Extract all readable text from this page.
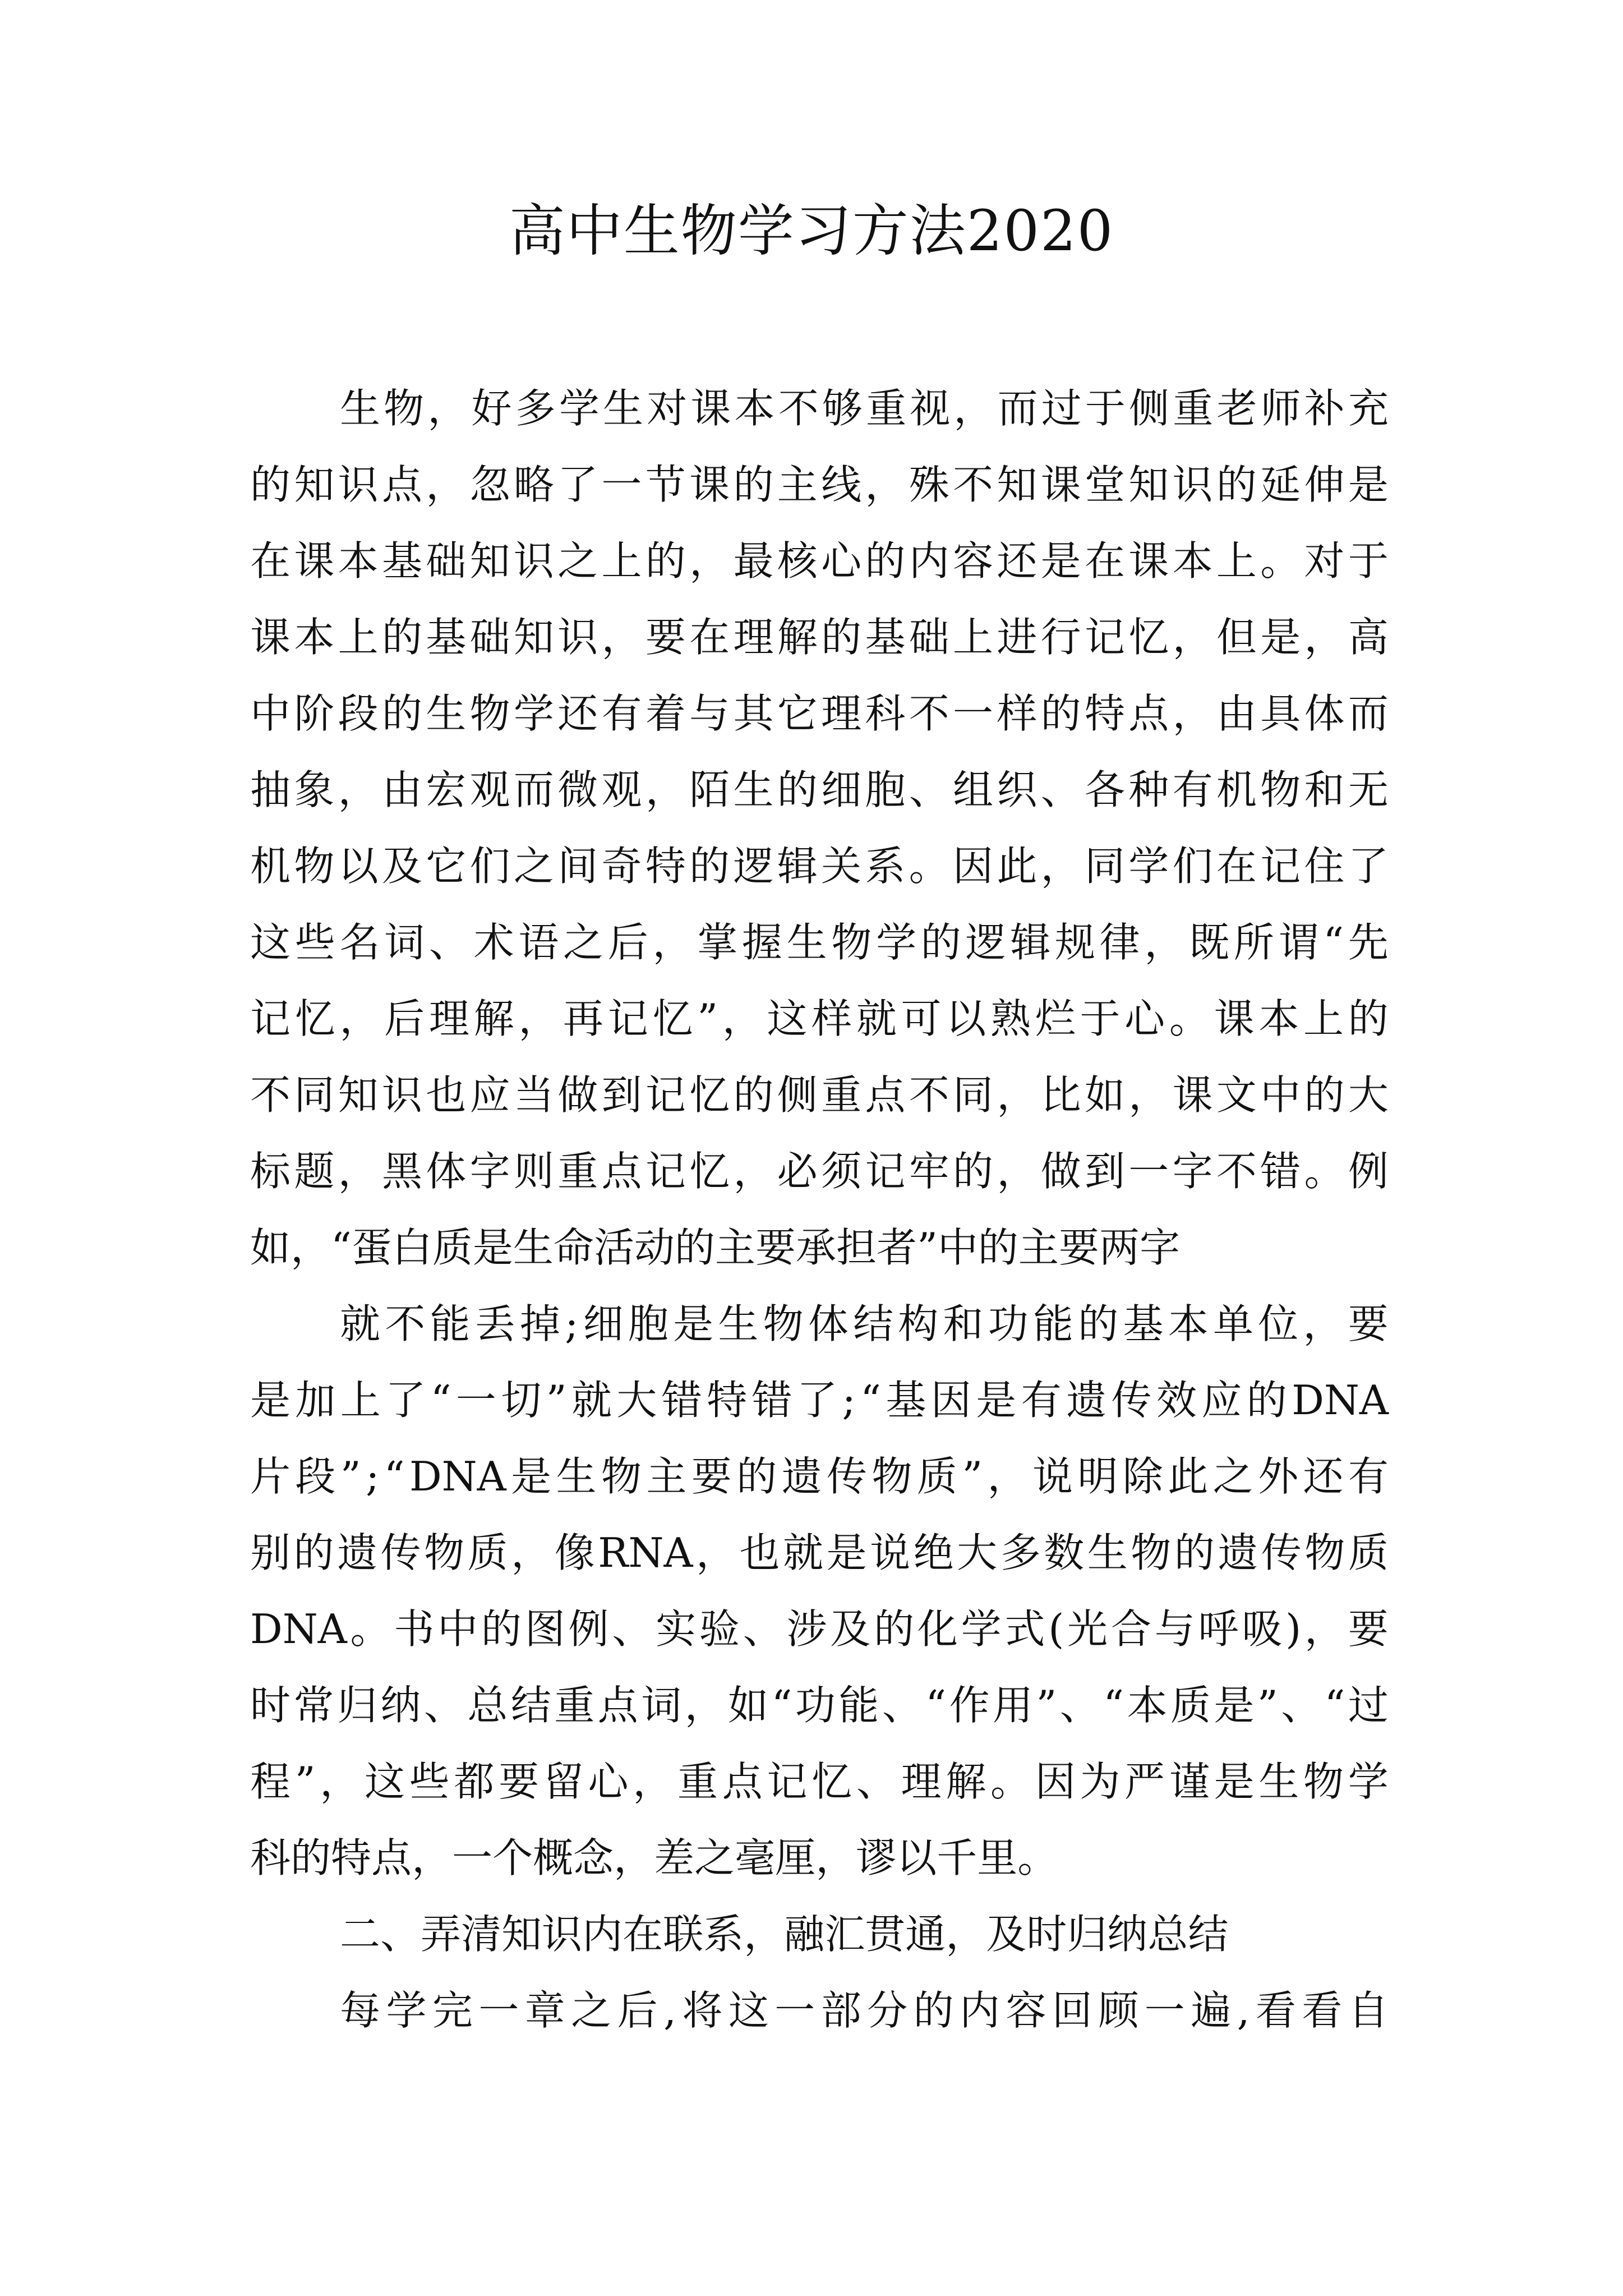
高中生物学习方法2020
生 物 ， 好 多 学 生 对 课 本 不 够 重 视 ， 而 过 于 侧 重 老 师 补 充
的 知 识 点 ， 忽 略 了 一 节 课 的 主 线 ， 殊 不 知 课 堂 知 识 的 延 伸 是
在 课 本 基 础 知 识 之 上 的 ， 最 核 心 的 内 容 还 是 在 课 本 上 。 对 于
课 本 上 的 基 础 知 识 ， 要 在 理 解 的 基 础 上 进 行 记 忆 ， 但 是 ， 高
中 阶 段 的 生 物 学 还 有 着 与 其 它 理 科 不 一 样 的 特 点 ， 由 具 体 而
抽 象 ， 由 宏 观 而 微 观 ， 陌 生 的 细 胞 、 组 织 、 各 种 有 机 物 和 无
机 物 以 及 它 们 之 间 奇 特 的 逻 辑 关 系 。 因 此 ， 同 学 们 在 记 住 了
这 些 名 词 、 术 语 之 后 ， 掌 握 生 物 学 的 逻 辑 规 律 ， 既 所 谓 “ 先
记 忆 ， 后 理 解 ， 再 记 忆 ” ， 这 样 就 可 以 熟 烂 于 心 。 课 本 上 的
不 同 知 识 也 应 当 做 到 记 忆 的 侧 重 点 不 同 ， 比 如 ， 课 文 中 的 大
标 题 ， 黑 体 字 则 重 点 记 忆 ， 必 须 记 牢 的 ， 做 到 一 字 不 错 。 例
如 ， “ 蛋 白 质 是 生 命 活 动 的 主 要 承 担 者 ” 中 的 主 要 两 字
就 不 能 丢 掉 ; 细 胞 是 生 物 体 结 构 和 功 能 的 基 本 单 位 ， 要
是 加 上 了 “ 一 切 ” 就 大 错 特 错 了 ; “ 基 因 是 有 遗 传 效 应 的 DNA
片 段 ” ; “ DNA 是 生 物 主 要 的 遗 传 物 质 ” ， 说 明 除 此 之 外 还 有
别 的 遗 传 物 质 ， 像 RNA ， 也 就 是 说 绝 大 多 数 生 物 的 遗 传 物 质
DNA 。 书 中 的 图 例 、 实 验 、 涉 及 的 化 学 式 ( 光 合 与 呼 吸 ) ， 要
时 常 归 纳 、 总 结 重 点 词 ， 如 “ 功 能 、 “ 作 用 ” 、 “ 本 质 是 ” 、 “ 过
程 ” ， 这 些 都 要 留 心 ， 重 点 记 忆 、 理 解 。 因 为 严 谨 是 生 物 学
科 的 特 点 ， 一 个 概 念 ， 差 之 毫 厘 ， 谬 以 千 里 。
二 、 弄 清 知 识 内 在 联 系 ， 融 汇 贯 通 ， 及 时 归 纳 总 结
每 学 完 一 章 之 后 , 将 这 一 部 分 的 内 容 回 顾 一 遍 , 看 看 自
